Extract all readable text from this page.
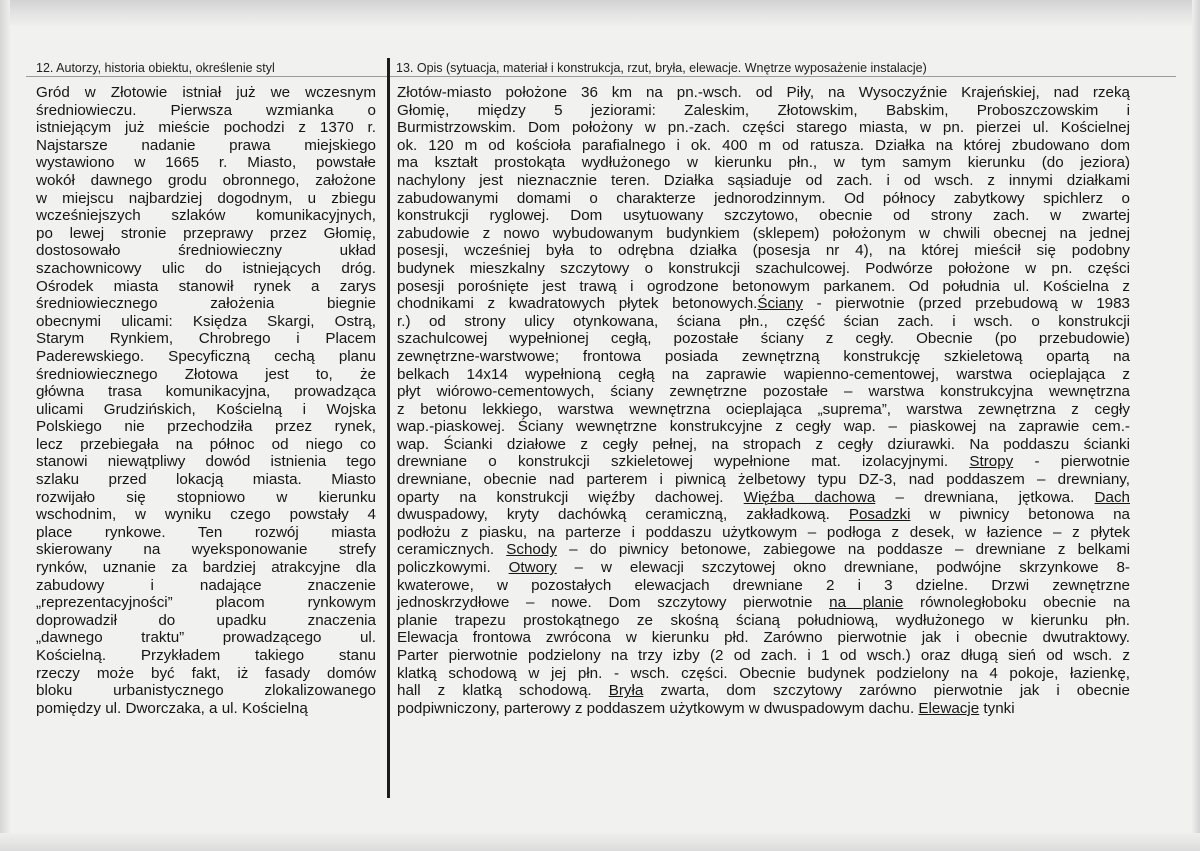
12. Autorzy, historia obiektu, określenie styl	13. Opis (sytuacja, materiał i konstrukcja, rzut, bryła, elewacje. Wnętrze wyposażenie instalacje)
Gród w Złotowie istniał już we wczesnym
średniowieczu. Pierwsza wzmianka o
istniejącym już mieście pochodzi z 1370 r.
Najstarsze nadanie prawa miejskiego
wystawiono w 1665 r. Miasto, powstałe
wokół dawnego grodu obronnego, założone
w miejscu najbardziej dogodnym, u zbiegu
wcześniejszych szlaków komunikacyjnych,
po lewej stronie przeprawy przez Głomię,
dostosowało średniowieczny układ
szachownicowy ulic do istniejących dróg.
Ośrodek miasta stanowił rynek a zarys
średniowiecznego założenia biegnie
obecnymi ulicami: Księdza Skargi, Ostrą,
Starym Rynkiem, Chrobrego i Placem
Paderewskiego. Specyficzną cechą planu
średniowiecznego Złotowa jest to, że
główna trasa komunikacyjna, prowadząca
ulicami Grudzińskich, Kościelną i Wojska
Polskiego nie przechodziła przez rynek,
lecz przebiegała na północ od niego co
stanowi niewątpliwy dowód istnienia tego
szlaku przed lokacją miasta. Miasto
rozwijało się stopniowo w kierunku
wschodnim, w wyniku czego powstały 4
place rynkowe. Ten rozwój miasta
skierowany na wyeksponowanie strefy
rynków, uznanie za bardziej atrakcyjne dla
zabudowy i nadające znaczenie
„reprezentacyjności” placom rynkowym
doprowadził do upadku znaczenia
„dawnego traktu” prowadzącego ul.
Kościelną. Przykładem takiego stanu
rzeczy może być fakt, iż fasady domów
bloku urbanistycznego zlokalizowanego
pomiędzy ul. Dworczaka, a ul. Kościelną
Złotów-miasto położone 36 km na pn.-wsch. od Piły, na Wysoczyźnie Krajeńskiej, nad rzeką
Głomię, między 5 jeziorami: Zaleskim, Złotowskim, Babskim, Proboszczowskim i
Burmistrzowskim. Dom położony w pn.-zach. części starego miasta, w pn. pierzei ul. Kościelnej
ok. 120 m od kościoła parafialnego i ok. 400 m od ratusza. Działka na której zbudowano dom
ma kształt prostokąta wydłużonego w kierunku płn., w tym samym kierunku (do jeziora)
nachylony jest nieznacznie teren. Działka sąsiaduje od zach. i od wsch. z innymi działkami
zabudowanymi domami o charakterze jednorodzinnym. Od północy zabytkowy spichlerz o
konstrukcji ryglowej. Dom usytuowany szczytowo, obecnie od strony zach. w zwartej
zabudowie z nowo wybudowanym budynkiem (sklepem) położonym w chwili obecnej na jednej
posesji, wcześniej była to odrębna działka (posesja nr 4), na której mieścił się podobny
budynek mieszkalny szczytowy o konstrukcji szachulcowej. Podwórze położone w pn. części
posesji porośnięte jest trawą i ogrodzone betonowym parkanem. Od południa ul. Kościelna z
chodnikami z kwadratowych płytek betonowych.Ściany - pierwotnie (przed przebudową w 1983
r.) od strony ulicy otynkowana, ściana płn., część ścian zach. i wsch. o konstrukcji
szachulcowej wypełnionej cegłą, pozostałe ściany z cegły. Obecnie (po przebudowie)
zewnętrzne-warstwowe; frontowa posiada zewnętrzną konstrukcję szkieletową opartą na
belkach 14x14 wypełnioną cegłą na zaprawie wapienno-cementowej, warstwa ocieplająca z
płyt wiórowo-cementowych, ściany zewnętrzne pozostałe – warstwa konstrukcyjna wewnętrzna
z betonu lekkiego, warstwa wewnętrzna ocieplająca „suprema”, warstwa zewnętrzna z cegły
wap.-piaskowej. Ściany wewnętrzne konstrukcyjne z cegły wap. – piaskowej na zaprawie cem.-
wap. Ścianki działowe z cegły pełnej, na stropach z cegły dziurawki. Na poddaszu ścianki
drewniane o konstrukcji szkieletowej wypełnione mat. izolacyjnymi. Stropy - pierwotnie
drewniane, obecnie nad parterem i piwnicą żelbetowy typu DZ-3, nad poddaszem – drewniany,
oparty na konstrukcji więźby dachowej. Więźba dachowa – drewniana, jętkowa. Dach
dwuspadowy, kryty dachówką ceramiczną, zakładkową. Posadzki w piwnicy betonowa na
podłożu z piasku, na parterze i poddaszu użytkowym – podłoga z desek, w łazience – z płytek
ceramicznych. Schody – do piwnicy betonowe, zabiegowe na poddasze – drewniane z belkami
policzkowymi. Otwory – w elewacji szczytowej okno drewniane, podwójne skrzynkowe 8-
kwaterowe, w pozostałych elewacjach drewniane 2 i 3 dzielne. Drzwi zewnętrzne
jednoskrzydłowe – nowe. Dom szczytowy pierwotnie na planie równoległoboku obecnie na
planie trapezu prostokątnego ze skośną ścianą południową, wydłużonego w kierunku płn.
Elewacja frontowa zwrócona w kierunku płd. Zarówno pierwotnie jak i obecnie dwutraktowy.
Parter pierwotnie podzielony na trzy izby (2 od zach. i 1 od wsch.) oraz długą sień od wsch. z
klatką schodową w jej płn. - wsch. części. Obecnie budynek podzielony na 4 pokoje, łazienkę,
hall z klatką schodową. Bryła zwarta, dom szczytowy zarówno pierwotnie jak i obecnie
podpiwniczony, parterowy z poddaszem użytkowym w dwuspadowym dachu. Elewacje tynki
